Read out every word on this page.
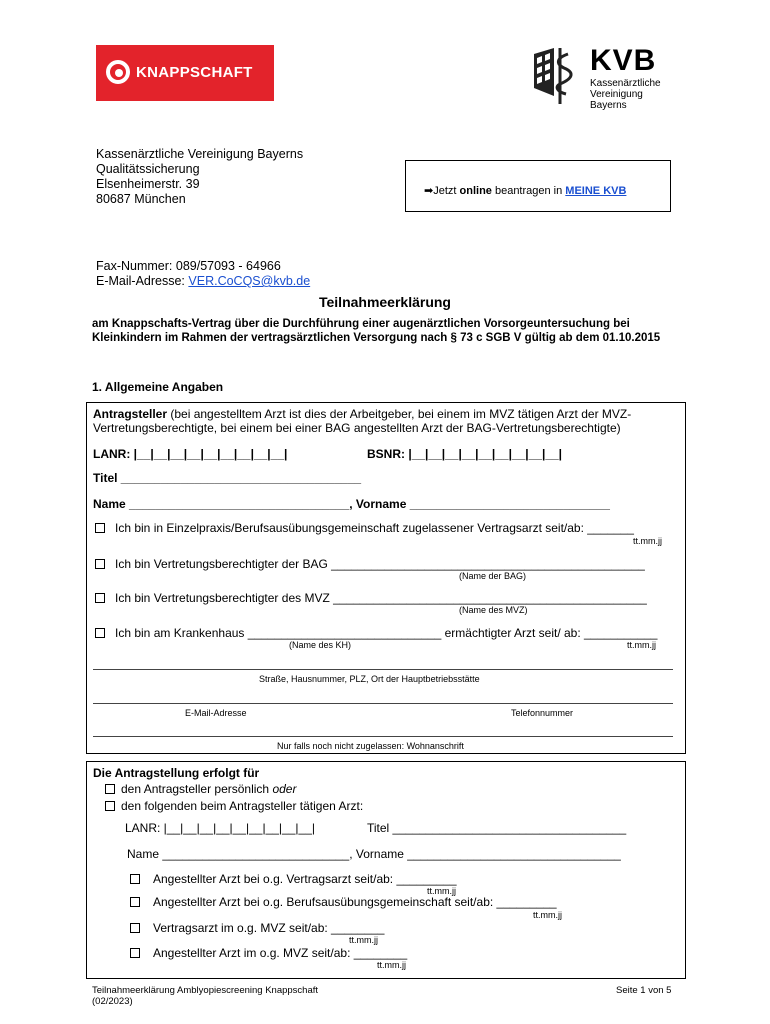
KNAPPSCHAFT	KVB
Kassenärztliche
Vereinigung
Bayerns
Kassenärztliche Vereinigung Bayerns
Qualitätssicherung
Elsenheimerstr. 39
80687 München
➡Jetzt online beantragen in MEINE KVB
Fax-Nummer: 089/57093 - 64966
E-Mail-Adresse: VER.CoCQS@kvb.de
Teilnahmeerklärung
am Knappschafts-Vertrag über die Durchführung einer augenärztlichen Vorsorgeuntersuchung bei Kleinkindern im Rahmen der vertragsärztlichen Versorgung nach § 73 c SGB V gültig ab dem 01.10.2015
1. Allgemeine Angaben
Antragsteller (bei angestelltem Arzt ist dies der Arbeitgeber, bei einem im MVZ tätigen Arzt der MVZ-
Vertretungsberechtigte, bei einem bei einer BAG angestellten Arzt der BAG-Vertretungsberechtigte)
LANR: |__|__|__|__|__|__|__|__|__|	BSNR: |__|__|__|__|__|__|__|__|__|
Titel ____________________________________
Name _________________________________, Vorname ______________________________
Ich bin in Einzelpraxis/Berufsausübungsgemeinschaft zugelassener Vertragsarzt seit/ab: _______
tt.mm.jj
Ich bin Vertretungsberechtigter der BAG _______________________________________________
(Name der BAG)
Ich bin Vertretungsberechtigter des MVZ _______________________________________________
(Name des MVZ)
Ich bin am Krankenhaus _____________________________ ermächtigter Arzt seit/ ab: ___________
(Name des KH)	tt.mm.jj
Straße, Hausnummer, PLZ, Ort der Hauptbetriebsstätte
E-Mail-Adresse	Telefonnummer
Nur falls noch nicht zugelassen: Wohnanschrift
Die Antragstellung erfolgt für
den Antragsteller persönlich oder
den folgenden beim Antragsteller tätigen Arzt:
LANR: |__|__|__|__|__|__|__|__|__|	Titel ___________________________________
Name ____________________________, Vorname ________________________________
Angestellter Arzt bei o.g. Vertragsarzt seit/ab: _________
tt.mm.jj
Angestellter Arzt bei o.g. Berufsausübungsgemeinschaft seit/ab: _________
tt.mm.jj
Vertragsarzt im o.g. MVZ seit/ab: ________
tt.mm.jj
Angestellter Arzt im o.g. MVZ seit/ab: ________
tt.mm.jj
Teilnahmeerklärung Amblyopiescreening Knappschaft
(02/2023)
Seite 1 von 5
